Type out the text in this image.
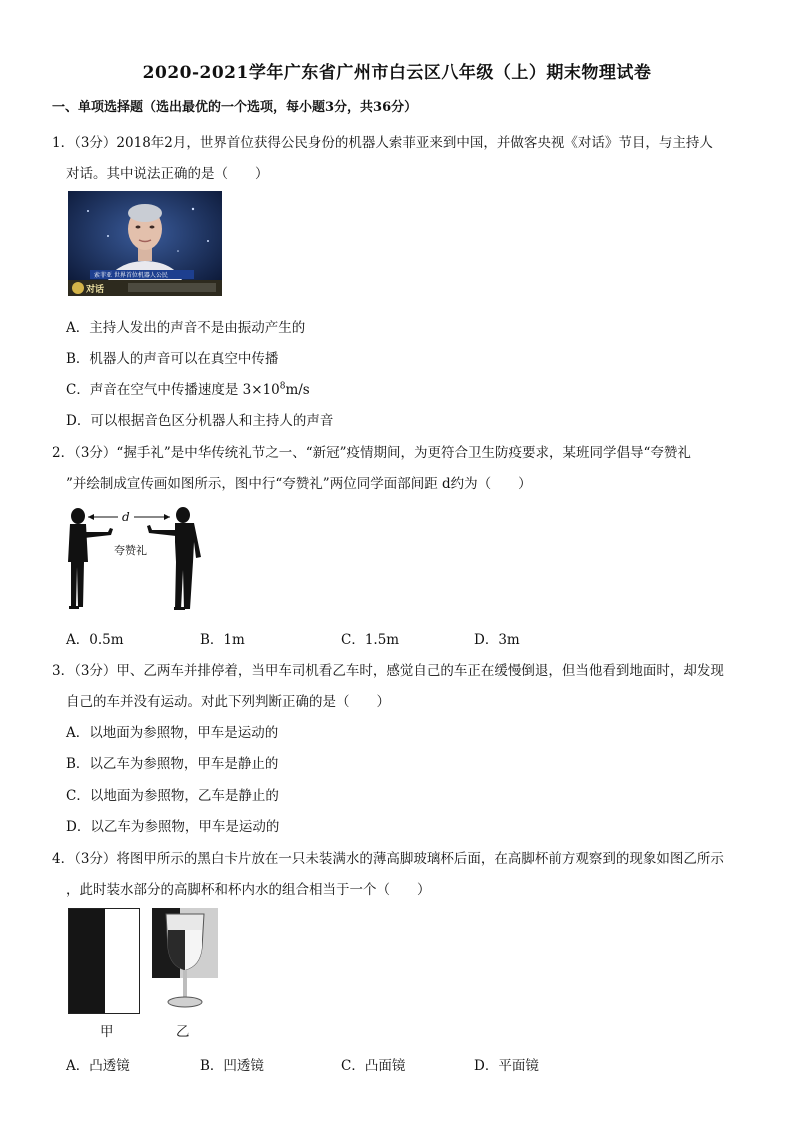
2020-2021学年广东省广州市白云区八年级（上）期末物理试卷
一、单项选择题（选出最优的一个选项，每小题3分，共36分）
1．（3分）2018年2月，世界首位获得公民身份的机器人索菲亚来到中国，并做客央视《对话》节目，与主持人
对话。其中说法正确的是（　　）
索菲亚 世界首位机器人公民
对话
A．主持人发出的声音不是由振动产生的
B．机器人的声音可以在真空中传播
C．声音在空气中传播速度是 $3\times 10^8m/s$
D．可以根据音色区分机器人和主持人的声音
2．（3分）“握手礼”是中华传统礼节之一、“新冠”疫情期间，为更符合卫生防疫要求，某班同学倡导“夸赞礼
”并绘制成宣传画如图所示，图中行“夸赞礼”两位同学面部间距 d约为（　　）
d
夸赞礼
A．0.5m	B．1m	C．1.5m	D．3m
3．（3分）甲、乙两车并排停着，当甲车司机看乙车时，感觉自己的车正在缓慢倒退，但当他看到地面时，却发现
自己的车并没有运动。对此下列判断正确的是（　　）
A．以地面为参照物，甲车是运动的
B．以乙车为参照物，甲车是静止的
C．以地面为参照物，乙车是静止的
D．以乙车为参照物，甲车是运动的
4．（3分）将图甲所示的黑白卡片放在一只未装满水的薄高脚玻璃杯后面，在高脚杯前方观察到的现象如图乙所示
，此时装水部分的高脚杯和杯内水的组合相当于一个（　　）
甲	乙
A．凸透镜	B．凹透镜	C．凸面镜	D．平面镜
